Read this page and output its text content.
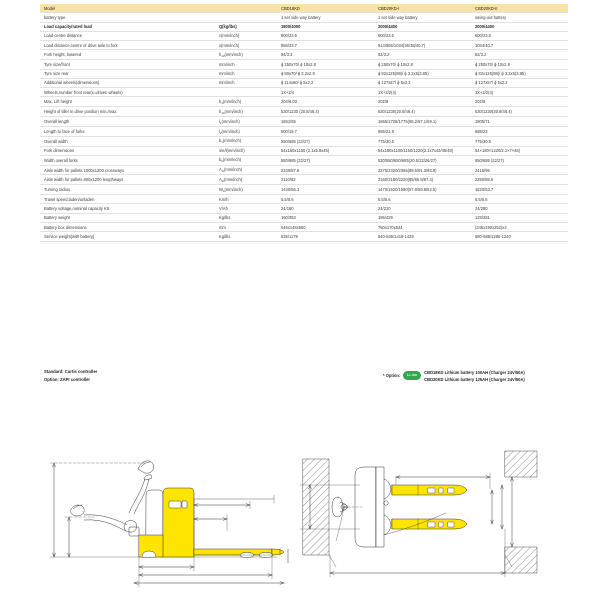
Model		CBD18KD	CBD20KD-I	CBD20KD-II
battery type		1 set side way battery	1 set side way battery	swing-out battery
Load capacity/rated load	Q(kg/lbs)	1800/4000	2000/4400	2000/4400
Load centre distance	c(mm/inch)	600/23.6	600/23.6	600/23.6
Load distance,centre of drive axle to fork	x(mm/inch)	856/33.7	914/965/1034(36/38/40.7)	1034/40.7
Fork height, lowered	$h_{13}(mm/inch)$	84/3.3	82/3.2	82/3.2
Tyre size/front	mm/inch	ϕ 250x70/ ϕ 10x2.8	ϕ 250x70/ ϕ 10x2.8	ϕ 250x70/ ϕ 10x2.8
Tyre size rear	mm/inch	ϕ 80x70/ ϕ 3.2x2.8	ϕ 82x125(98)/ ϕ 3.2x5(3.85)	ϕ 82x125(98)/ ϕ 3.2x5(3.85)
Additional wheels(dimensions)	mm/inch	ϕ 114x60/ ϕ 5x2.2	ϕ 127x57/ ϕ 5x2.2	ϕ 127x57/ ϕ 5x2.2
Wheels,number front rear(x=driven wheels)		1X+2/4	1X+2/2(4)	1X+2/2(4)
Max. Lift height	$h_3(mm/inch)$	204/8.03	202/8	202/8
Height of tiller in drive position min./max.	$h_{14}(mm/inch)$	530/1230 (20.8/48.4)	530/1230(20.8/48.4)	530/1230(20.8/48.4)
Overall length	$l_1(mm/inch)$	1651/65	1655/1708/1775(65.2/67.1/69.1)	1805/71
Length to face of forks	$l_2(mm/inch)$	500/19.7	555/21.9	585/23
Overall width	$b_1(mm/inch)$	550/685 (22/27)	775/30.5	775/30.5
Fork dimensions	s/e/l(mm/inch)	54x150x1150 (2.1x5.9x45)	54x180x1100/1150/1220(2.1x7x43/45/48)	54×180×1220/2.1×7×48)
Width overall forks	$b_5(mm/inch)$	550/685 (22/27)	520/550/650/685(20.5/22/26/27)	550/685 (22/27)
Aisle width for pallets 1000x1200 crossways	$A_{st}(mm/inch)$	2230/87.8	2275/2320/2365(89.5/91.3/93.8)	2415/95
Aisle width for pallets 800x1200 lengthways	$A_{st}(mm/inch)$	2110/83	2160/2180/2220(85/85.8/87.4)	2250/88.5
Turning radius	$W_a(mm/inch)$	1430/56.3	1470/1520/1590(57.8/59.8/62.5)	1620/63.7
Travel speed,laden/unladen	Km/h	5.5/5.6	5.5/5.6	5.5/5.6
Battery voltage,nominal capacity K5	V/Ah	24/180	24/210	24/280
Battery weight	Kg/lbs	160/353	195/429	128/281
Battery box dimensions	mm	645x148x560	750x170x534	(245x190x252)x4
Service weight(with battery)	Kg/lbs	535/1179	840-845/1418-1429	580-585/1285-1240
Standard: Curtis controller
Option: ZAPI controller
* Option:	Li-ion	CBD18KD Lithium battery 100AH (Charger 24V/50A)
CBD20KD Lithium battery 125AH (Charger 24V/50A)
